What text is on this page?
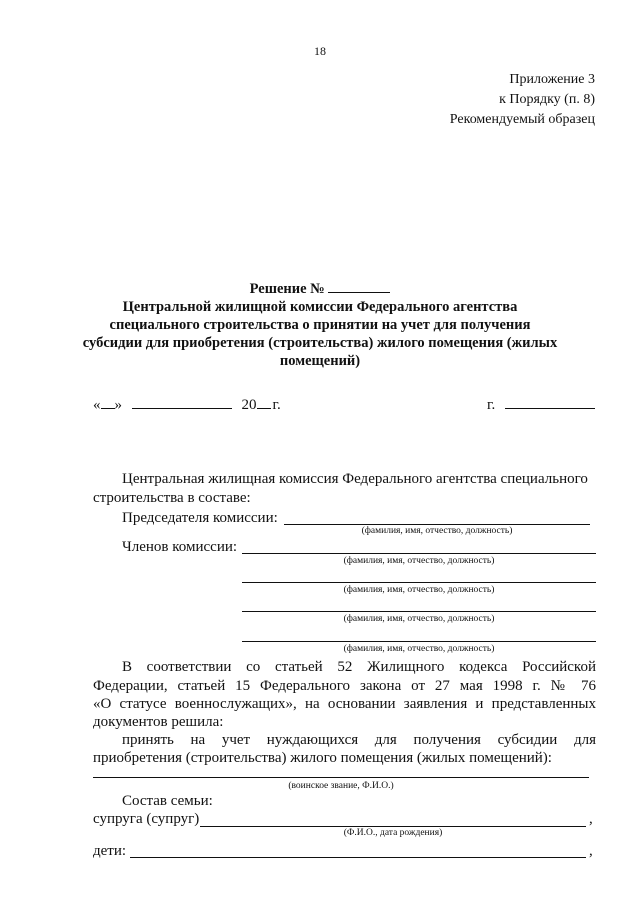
18
Приложение 3
к Порядку (п. 8)
Рекомендуемый образец
Решение №
Центральной жилищной комиссии Федерального агентства
специального строительства о принятии на учет для получения
субсидии для приобретения (строительства) жилого помещения (жилых
помещений)
« »	20 г.	г.
Центральная жилищная комиссия Федерального агентства специального
строительства в составе:
Председателя комиссии:
(фамилия, имя, отчество, должность)
Членов комиссии:
(фамилия, имя, отчество, должность)
(фамилия, имя, отчество, должность)
(фамилия, имя, отчество, должность)
(фамилия, имя, отчество, должность)
В соответствии со статьей 52 Жилищного кодекса Российской
Федерации, статьей 15 Федерального закона от 27 мая 1998 г. № 76
«О статусе военнослужащих», на основании заявления и представленных
документов решила:
принять на учет нуждающихся для получения субсидии для
приобретения (строительства) жилого помещения (жилых помещений):
(воинское звание, Ф.И.О.)
Состав семьи:
супруга (супруг)	,
(Ф.И.О., дата рождения)
дети:	,
